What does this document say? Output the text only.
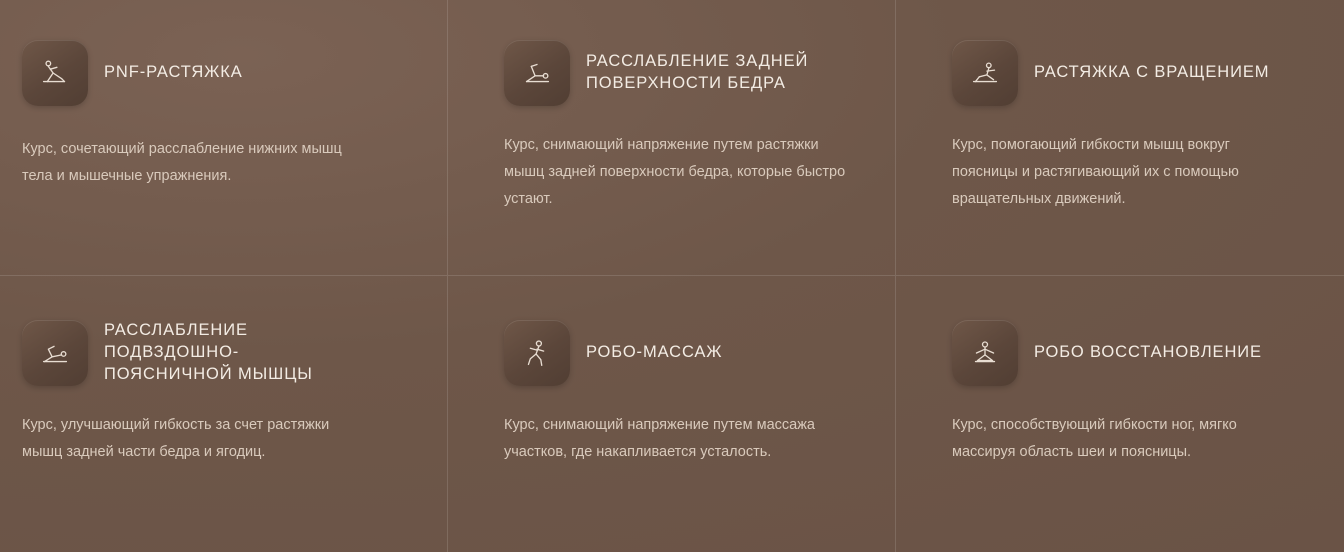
PNF-РАСТЯЖКА
Курс, сочетающий расслабление нижних мышц тела и мышечные упражнения.
РАССЛАБЛЕНИЕ ЗАДНЕЙ ПОВЕРХНОСТИ БЕДРА
Курс, снимающий напряжение путем растяжки мышц задней поверхности бедра, которые быстро устают.
РАСТЯЖКА С ВРАЩЕНИЕМ
Курс, помогающий гибкости мышц вокруг поясницы и растягивающий их с помощью вращательных движений.
РАССЛАБЛЕНИЕ ПОДВЗДОШНО-ПОЯСНИЧНОЙ МЫШЦЫ
Курс, улучшающий гибкость за счет растяжки мышц задней части бедра и ягодиц.
РОБО-МАССАЖ
Курс, снимающий напряжение путем массажа участков, где накапливается усталость.
РОБО ВОССТАНОВЛЕНИЕ
Курс, способствующий гибкости ног, мягко массируя область шеи и поясницы.
